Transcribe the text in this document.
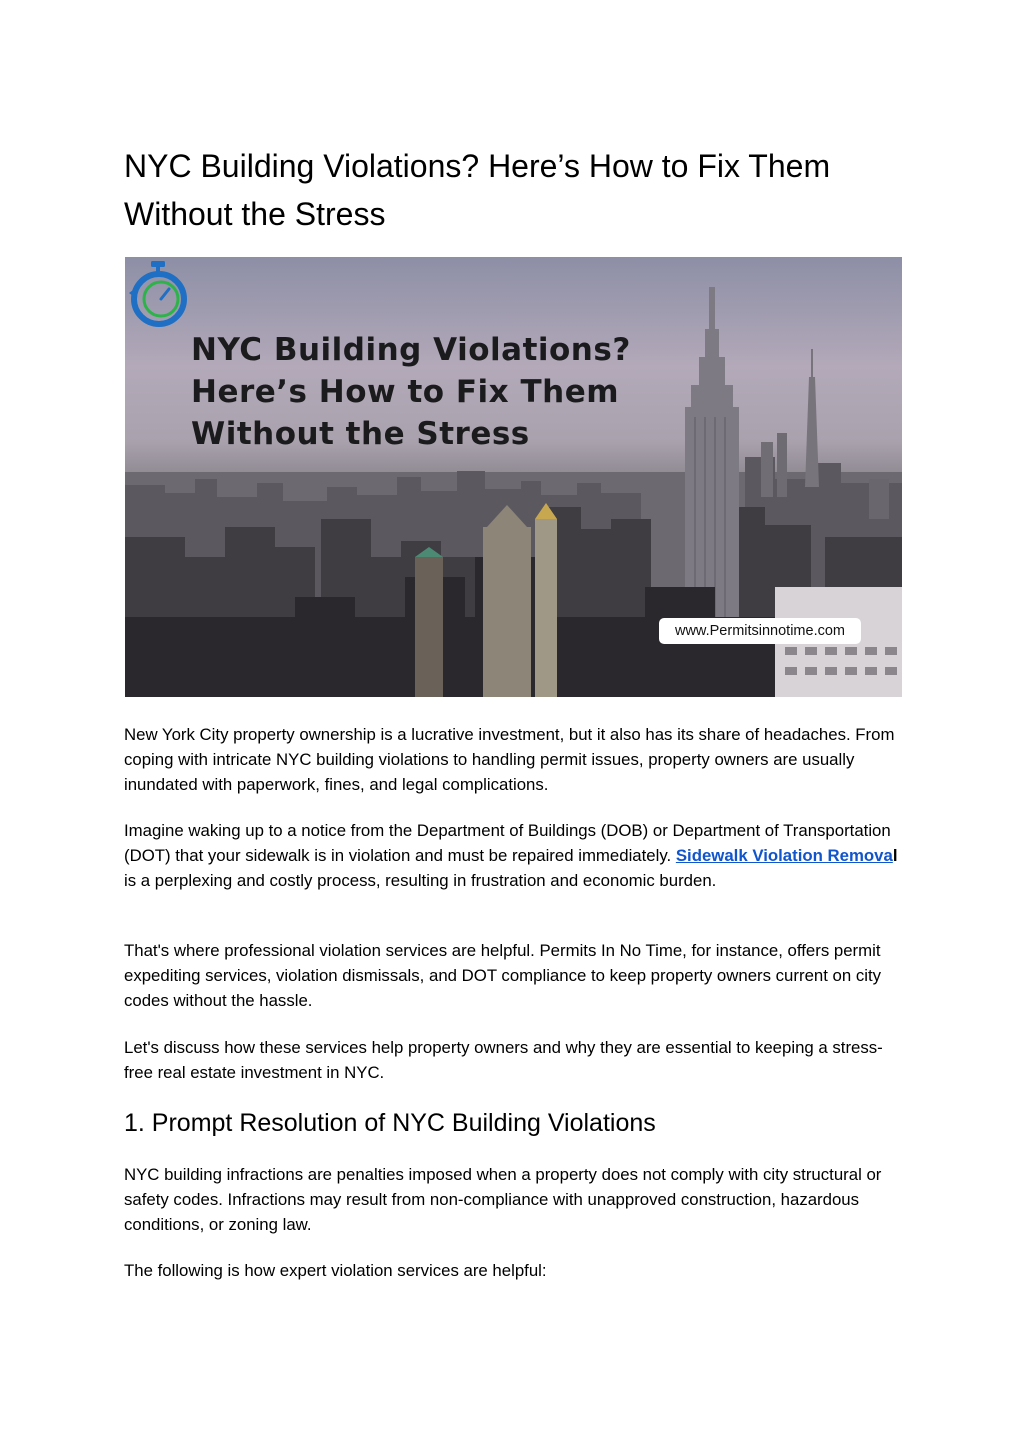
NYC Building Violations? Here’s How to Fix Them Without the Stress
NYC Building Violations?
Here’s How to Fix Them
Without the Stress
www.Permitsinnotime.com

New York City property ownership is a lucrative investment, but it also has its share of headaches. From coping with intricate NYC building violations to handling permit issues, property owners are usually inundated with paperwork, fines, and legal complications.

Imagine waking up to a notice from the Department of Buildings (DOB) or Department of Transportation (DOT) that your sidewalk is in violation and must be repaired immediately. Sidewalk Violation Removal is a perplexing and costly process, resulting in frustration and economic burden.

That's where professional violation services are helpful. Permits In No Time, for instance, offers permit expediting services, violation dismissals, and DOT compliance to keep property owners current on city codes without the hassle.

Let's discuss how these services help property owners and why they are essential to keeping a stress-free real estate investment in NYC.

1. Prompt Resolution of NYC Building Violations

NYC building infractions are penalties imposed when a property does not comply with city structural or safety codes. Infractions may result from non-compliance with unapproved construction, hazardous conditions, or zoning law.

The following is how expert violation services are helpful:
